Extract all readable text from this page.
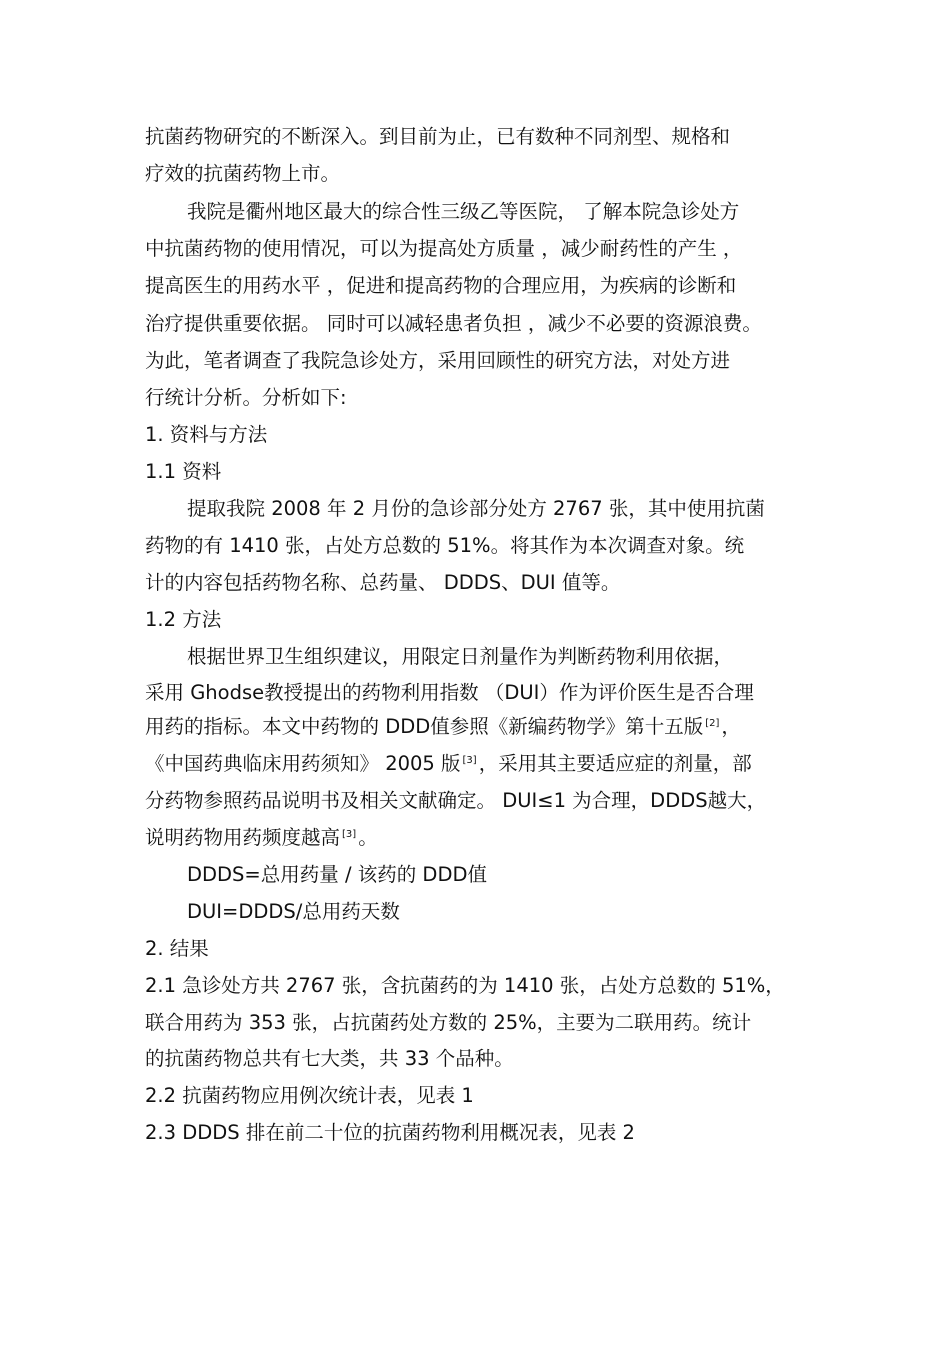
抗菌药物研究的不断深入。到目前为止，已有数种不同剂型、规格和
疗效的抗菌药物上市。
我院是衢州地区最大的综合性三级乙等医院， 了解本院急诊处方
中抗菌药物的使用情况，可以为提高处方质量 ，减少耐药性的产生 ，
提高医生的用药水平 ，促进和提高药物的合理应用，为疾病的诊断和
治疗提供重要依据。 同时可以减轻患者负担 ，减少不必要的资源浪费。
为此，笔者调查了我院急诊处方，采用回顾性的研究方法，对处方进
行统计分析。分析如下:
1. 资料与方法
1.1 资料
提取我院 2008 年 2 月份的急诊部分处方 2767 张，其中使用抗菌
药物的有 1410 张，占处方总数的 51%。将其作为本次调查对象。统
计的内容包括药物名称、总药量、 DDDS、DUI 值等。
1.2 方法
根据世界卫生组织建议，用限定日剂量作为判断药物利用依据，
采用 Ghodse教授提出的药物利用指数 （DUI）作为评价医生是否合理
用药的指标。本文中药物的 DDD值参照《新编药物学》第十五版 [2] ，
《中国药典临床用药须知》 2005 版 [3] ，采用其主要适应症的剂量，部
分药物参照药品说明书及相关文献确定。 DUI≤1 为合理，DDDS越大，
说明药物用药频度越高 [3] 。
DDDS=总用药量 / 该药的 DDD值
DUI=DDDS/总用药天数
2. 结果
2.1 急诊处方共 2767 张，含抗菌药的为 1410 张，占处方总数的 51%，
联合用药为 353 张，占抗菌药处方数的 25%，主要为二联用药。统计
的抗菌药物总共有七大类，共 33 个品种。
2.2 抗菌药物应用例次统计表，见表 1
2.3 DDDS 排在前二十位的抗菌药物利用概况表，见表 2
